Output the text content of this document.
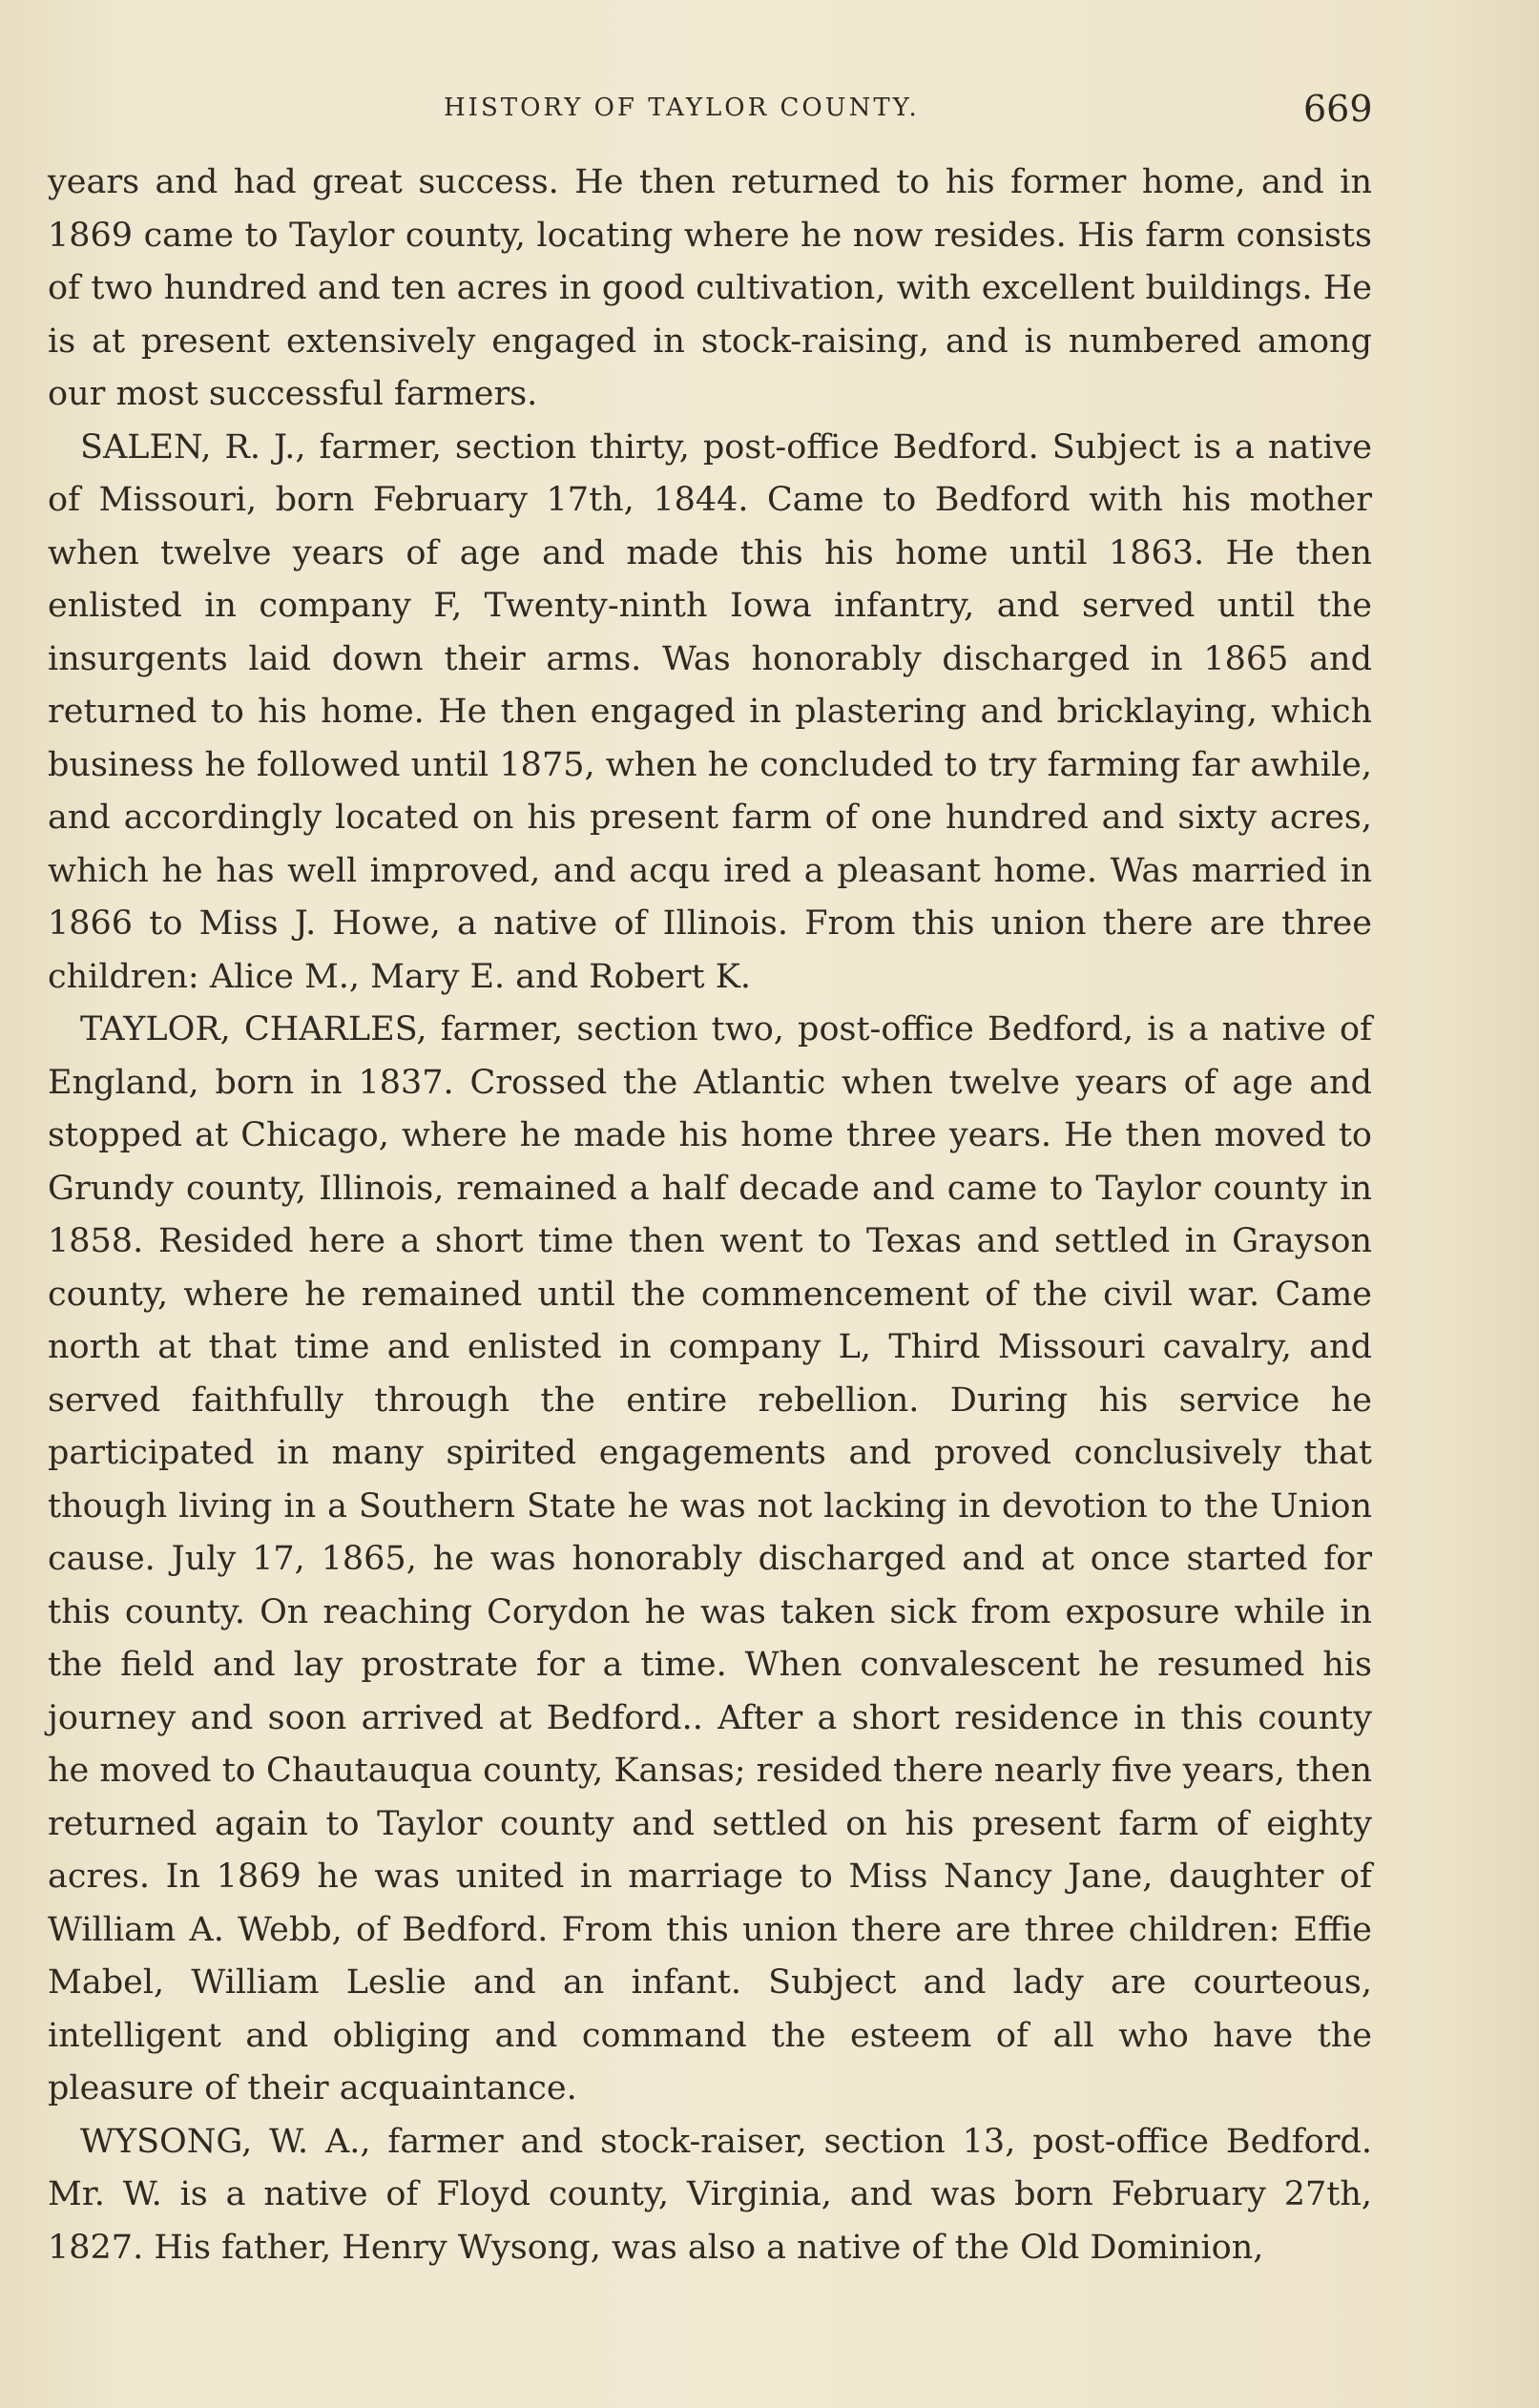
HISTORY OF TAYLOR COUNTY.	669

years and had great success. He then returned to his former home, and in 1869 came to Taylor county, locating where he now resides. His farm consists of two hundred and ten acres in good cultivation, with excellent buildings. He is at present extensively engaged in stock-raising, and is numbered among our most successful farmers.

SALEN, R. J., farmer, section thirty, post-office Bedford. Subject is a native of Missouri, born February 17th, 1844. Came to Bedford with his mother when twelve years of age and made this his home until 1863. He then enlisted in company F, Twenty-ninth Iowa infantry, and served until the insurgents laid down their arms. Was honorably discharged in 1865 and returned to his home. He then engaged in plastering and bricklaying, which business he followed until 1875, when he concluded to try farming far awhile, and accordingly located on his present farm of one hundred and sixty acres, which he has well improved, and acqu ired a pleasant home. Was married in 1866 to Miss J. Howe, a native of Illinois. From this union there are three children: Alice M., Mary E. and Robert K.

TAYLOR, CHARLES, farmer, section two, post-office Bedford, is a native of England, born in 1837. Crossed the Atlantic when twelve years of age and stopped at Chicago, where he made his home three years. He then moved to Grundy county, Illinois, remained a half decade and came to Taylor county in 1858. Resided here a short time then went to Texas and settled in Grayson county, where he remained until the commencement of the civil war. Came north at that time and enlisted in company L, Third Missouri cavalry, and served faithfully through the entire rebellion. During his service he participated in many spirited engagements and proved conclusively that though living in a Southern State he was not lacking in devotion to the Union cause. July 17, 1865, he was honorably discharged and at once started for this county. On reaching Corydon he was taken sick from exposure while in the field and lay prostrate for a time. When convalescent he resumed his journey and soon arrived at Bedford.. After a short residence in this county he moved to Chautauqua county, Kansas; resided there nearly five years, then returned again to Taylor county and settled on his present farm of eighty acres. In 1869 he was united in marriage to Miss Nancy Jane, daughter of William A. Webb, of Bedford. From this union there are three children: Effie Mabel, William Leslie and an infant. Subject and lady are courteous, intelligent and obliging and command the esteem of all who have the pleasure of their acquaintance.

WYSONG, W. A., farmer and stock-raiser, section 13, post-office Bedford. Mr. W. is a native of Floyd county, Virginia, and was born February 27th, 1827. His father, Henry Wysong, was also a native of the Old Dominion,
